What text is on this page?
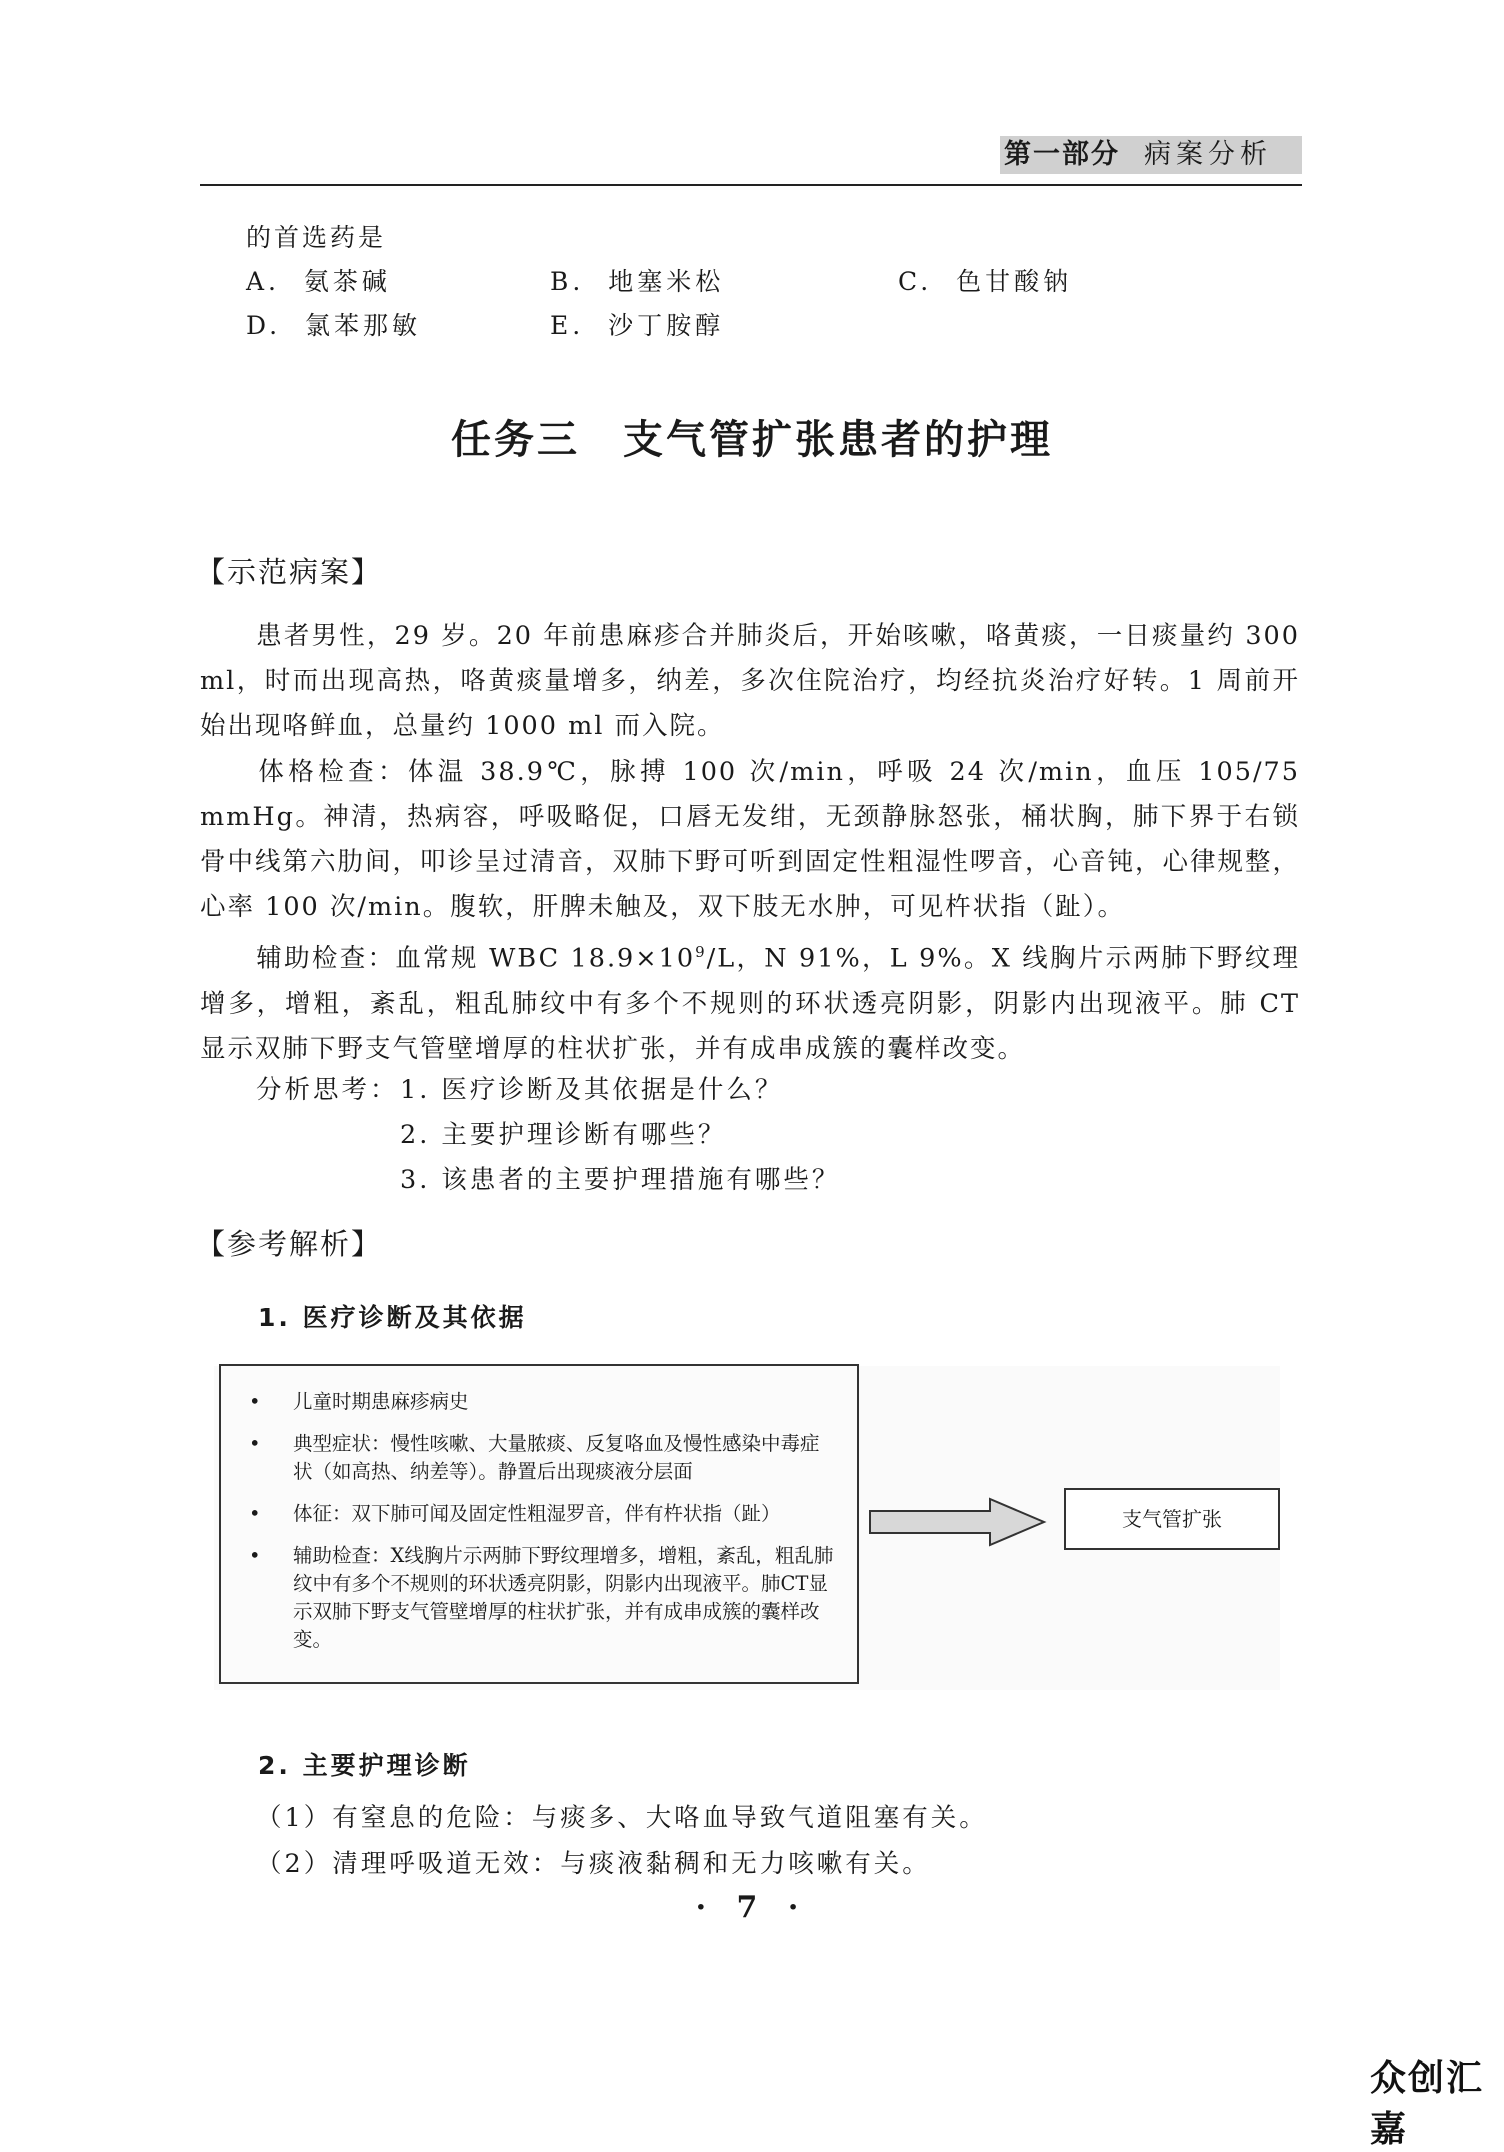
第一部分 病案分析
的首选药是
A. 氨茶碱	B. 地塞米松	C. 色甘酸钠
D. 氯苯那敏	E. 沙丁胺醇
任务三　支气管扩张患者的护理
【示范病案】
患者男性，29 岁。20 年前患麻疹合并肺炎后，开始咳嗽，咯黄痰，一日痰量约 300 ml，时而出现高热，咯黄痰量增多，纳差，多次住院治疗，均经抗炎治疗好转。1 周前开始出现咯鲜血，总量约 1000 ml 而入院。
体格检查：体温 38.9℃，脉搏 100 次/min，呼吸 24 次/min，血压 105/75 mmHg。神清，热病容，呼吸略促，口唇无发绀，无颈静脉怒张，桶状胸，肺下界于右锁骨中线第六肋间，叩诊呈过清音，双肺下野可听到固定性粗湿性啰音，心音钝，心律规整，心率 100 次/min。腹软，肝脾未触及，双下肢无水肿，可见杵状指（趾）。
辅助检查：血常规 WBC $18.9\times 10^9/L$，N 91%，L 9%。X 线胸片示两肺下野纹理增多，增粗，紊乱，粗乱肺纹中有多个不规则的环状透亮阴影，阴影内出现液平。肺 CT 显示双肺下野支气管壁增厚的柱状扩张，并有成串成簇的囊样改变。
分析思考： 1. 医疗诊断及其依据是什么？
2. 主要护理诊断有哪些？
3. 该患者的主要护理措施有哪些？
【参考解析】
1. 医疗诊断及其依据
• 儿童时期患麻疹病史
• 典型症状：慢性咳嗽、大量脓痰、反复咯血及慢性感染中毒症状（如高热、纳差等）。静置后出现痰液分层面
• 体征：双下肺可闻及固定性粗湿罗音，伴有杵状指（趾）
• 辅助检查：X线胸片示两肺下野纹理增多，增粗，紊乱，粗乱肺纹中有多个不规则的环状透亮阴影，阴影内出现液平。肺CT显示双肺下野支气管壁增厚的柱状扩张，并有成串成簇的囊样改变。
支气管扩张
2. 主要护理诊断
（1）有窒息的危险：与痰多、大咯血导致气道阻塞有关。
（2）清理呼吸道无效：与痰液黏稠和无力咳嗽有关。
· 7 ·
众创汇嘉
